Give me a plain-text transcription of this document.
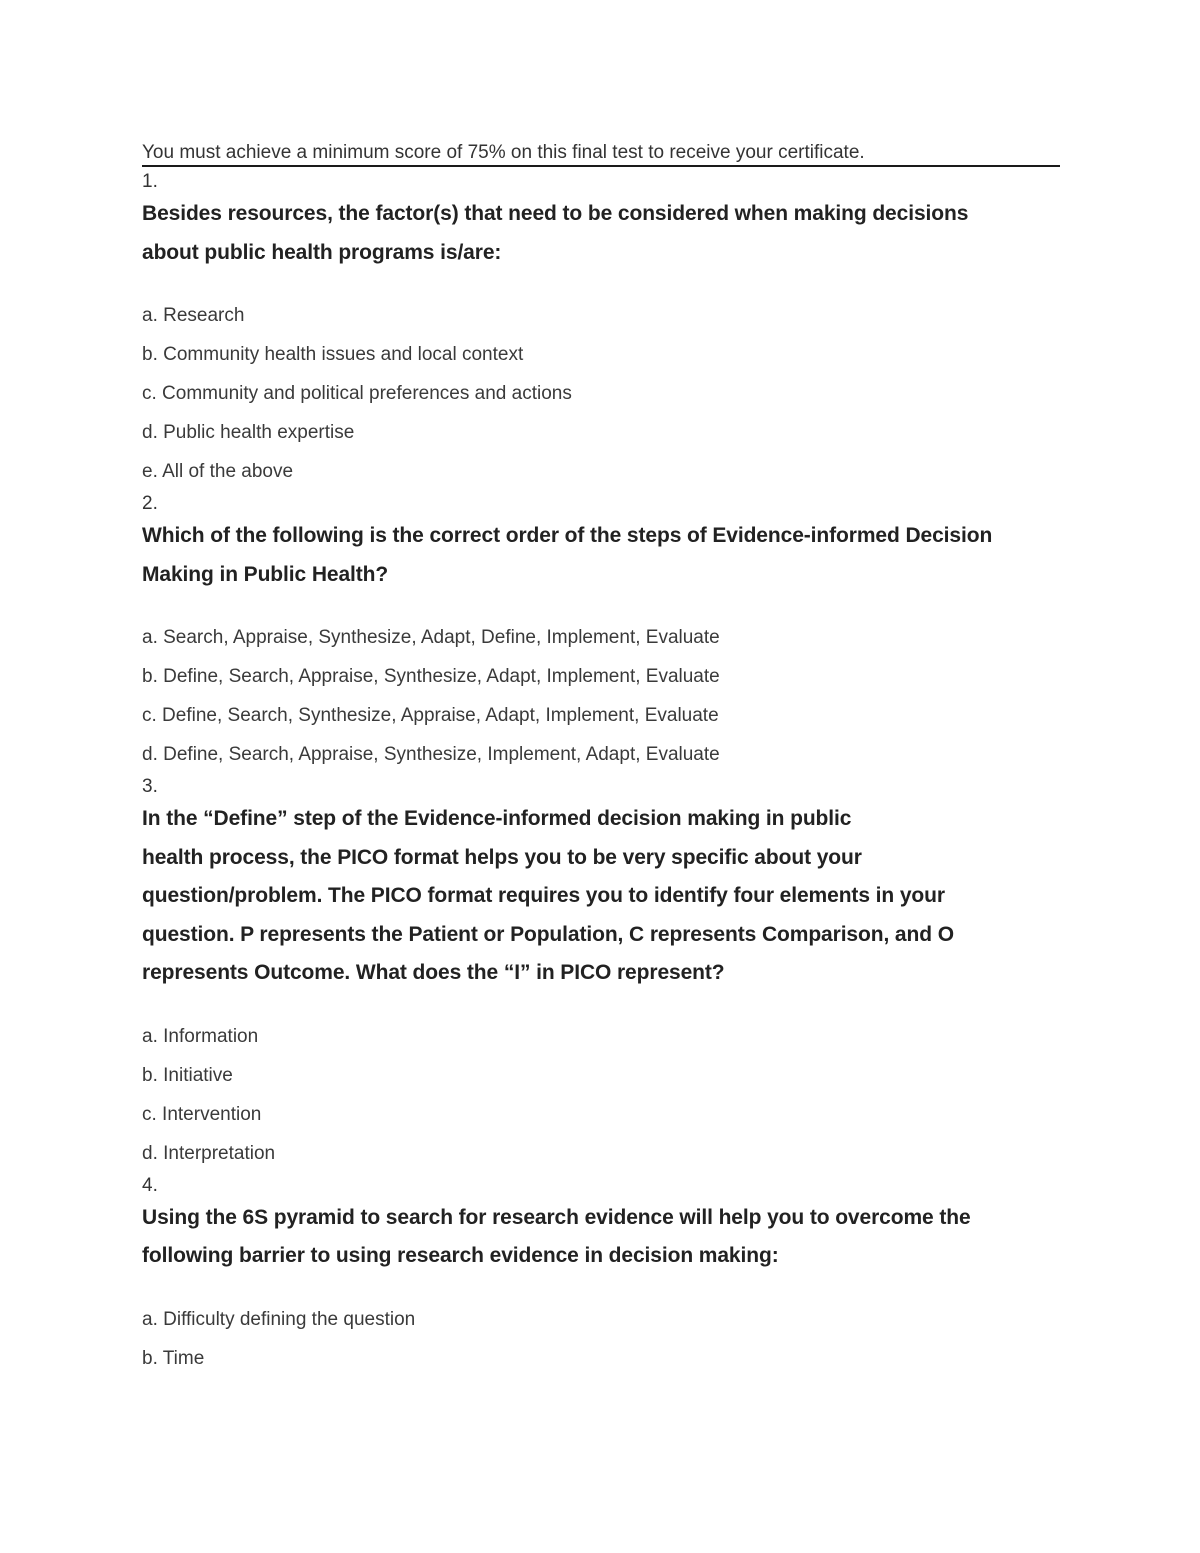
You must achieve a minimum score of 75% on this final test to receive your certificate.

1.

Besides resources, the factor(s) that need to be considered when making decisions
about public health programs is/are:
a. Research
b. Community health issues and local context
c. Community and political preferences and actions
d. Public health expertise
e. All of the above

2.

Which of the following is the correct order of the steps of Evidence-informed Decision
Making in Public Health?
a. Search, Appraise, Synthesize, Adapt, Define, Implement, Evaluate
b. Define, Search, Appraise, Synthesize, Adapt, Implement, Evaluate
c. Define, Search, Synthesize, Appraise, Adapt, Implement, Evaluate
d. Define, Search, Appraise, Synthesize, Implement, Adapt, Evaluate

3.

In the “Define” step of the Evidence-informed decision making in public
health process, the PICO format helps you to be very specific about your
question/problem. The PICO format requires you to identify four elements in your
question. P represents the Patient or Population, C represents Comparison, and O
represents Outcome. What does the “I” in PICO represent?
a. Information
b. Initiative
c. Intervention
d. Interpretation

4.

Using the 6S pyramid to search for research evidence will help you to overcome the
following barrier to using research evidence in decision making:
a. Difficulty defining the question
b. Time
